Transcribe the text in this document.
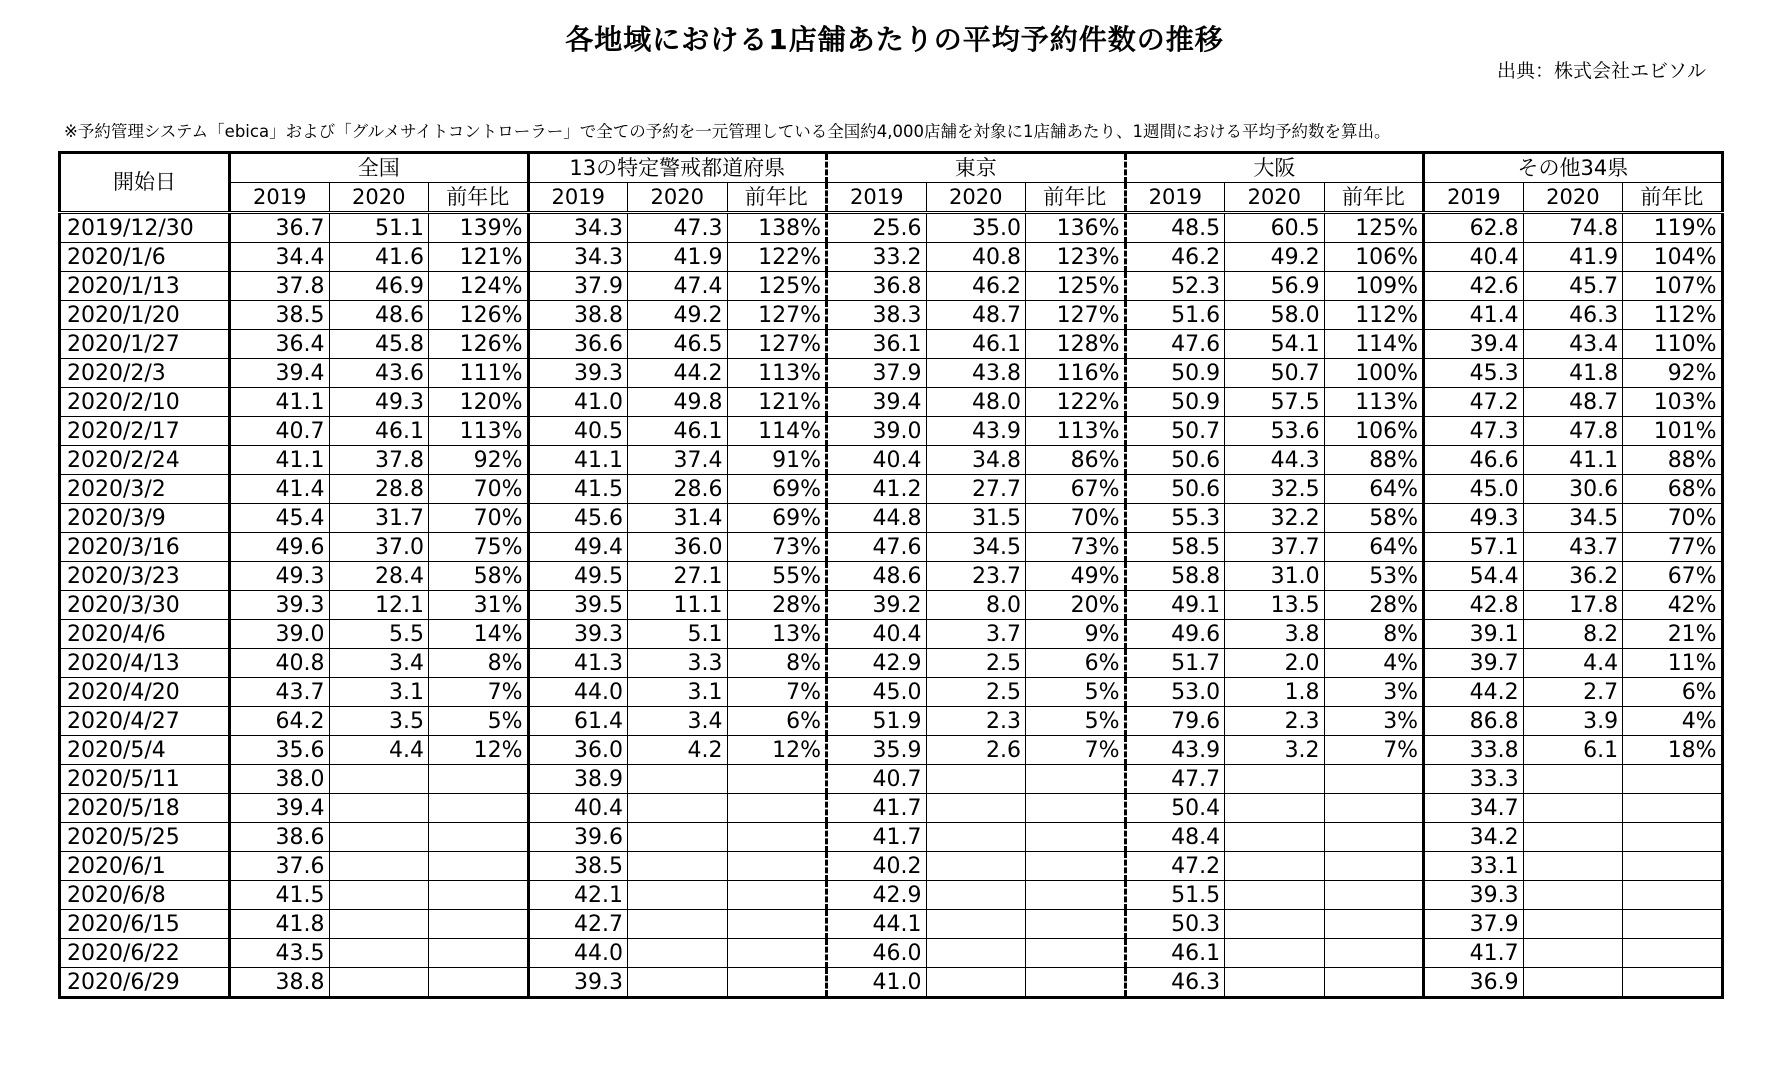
各地域における1店舗あたりの平均予約件数の推移
出典：株式会社エビソル
※予約管理システム「ebica」および「グルメサイトコントローラー」で全ての予約を一元管理している全国約4,000店舗を対象に1店舗あたり、1週間における平均予約数を算出。
開始日	全国			13の特定警戒都道府県			東京			大阪			その他34県		
	2019	2020	前年比	2019	2020	前年比	2019	2020	前年比	2019	2020	前年比	2019	2020	前年比
2019/12/30	36.7	51.1	139%	34.3	47.3	138%	25.6	35.0	136%	48.5	60.5	125%	62.8	74.8	119%
2020/1/6	34.4	41.6	121%	34.3	41.9	122%	33.2	40.8	123%	46.2	49.2	106%	40.4	41.9	104%
2020/1/13	37.8	46.9	124%	37.9	47.4	125%	36.8	46.2	125%	52.3	56.9	109%	42.6	45.7	107%
2020/1/20	38.5	48.6	126%	38.8	49.2	127%	38.3	48.7	127%	51.6	58.0	112%	41.4	46.3	112%
2020/1/27	36.4	45.8	126%	36.6	46.5	127%	36.1	46.1	128%	47.6	54.1	114%	39.4	43.4	110%
2020/2/3	39.4	43.6	111%	39.3	44.2	113%	37.9	43.8	116%	50.9	50.7	100%	45.3	41.8	92%
2020/2/10	41.1	49.3	120%	41.0	49.8	121%	39.4	48.0	122%	50.9	57.5	113%	47.2	48.7	103%
2020/2/17	40.7	46.1	113%	40.5	46.1	114%	39.0	43.9	113%	50.7	53.6	106%	47.3	47.8	101%
2020/2/24	41.1	37.8	92%	41.1	37.4	91%	40.4	34.8	86%	50.6	44.3	88%	46.6	41.1	88%
2020/3/2	41.4	28.8	70%	41.5	28.6	69%	41.2	27.7	67%	50.6	32.5	64%	45.0	30.6	68%
2020/3/9	45.4	31.7	70%	45.6	31.4	69%	44.8	31.5	70%	55.3	32.2	58%	49.3	34.5	70%
2020/3/16	49.6	37.0	75%	49.4	36.0	73%	47.6	34.5	73%	58.5	37.7	64%	57.1	43.7	77%
2020/3/23	49.3	28.4	58%	49.5	27.1	55%	48.6	23.7	49%	58.8	31.0	53%	54.4	36.2	67%
2020/3/30	39.3	12.1	31%	39.5	11.1	28%	39.2	8.0	20%	49.1	13.5	28%	42.8	17.8	42%
2020/4/6	39.0	5.5	14%	39.3	5.1	13%	40.4	3.7	9%	49.6	3.8	8%	39.1	8.2	21%
2020/4/13	40.8	3.4	8%	41.3	3.3	8%	42.9	2.5	6%	51.7	2.0	4%	39.7	4.4	11%
2020/4/20	43.7	3.1	7%	44.0	3.1	7%	45.0	2.5	5%	53.0	1.8	3%	44.2	2.7	6%
2020/4/27	64.2	3.5	5%	61.4	3.4	6%	51.9	2.3	5%	79.6	2.3	3%	86.8	3.9	4%
2020/5/4	35.6	4.4	12%	36.0	4.2	12%	35.9	2.6	7%	43.9	3.2	7%	33.8	6.1	18%
2020/5/11	38.0			38.9			40.7			47.7			33.3		
2020/5/18	39.4			40.4			41.7			50.4			34.7		
2020/5/25	38.6			39.6			41.7			48.4			34.2		
2020/6/1	37.6			38.5			40.2			47.2			33.1		
2020/6/8	41.5			42.1			42.9			51.5			39.3		
2020/6/15	41.8			42.7			44.1			50.3			37.9		
2020/6/22	43.5			44.0			46.0			46.1			41.7		
2020/6/29	38.8			39.3			41.0			46.3			36.9		
